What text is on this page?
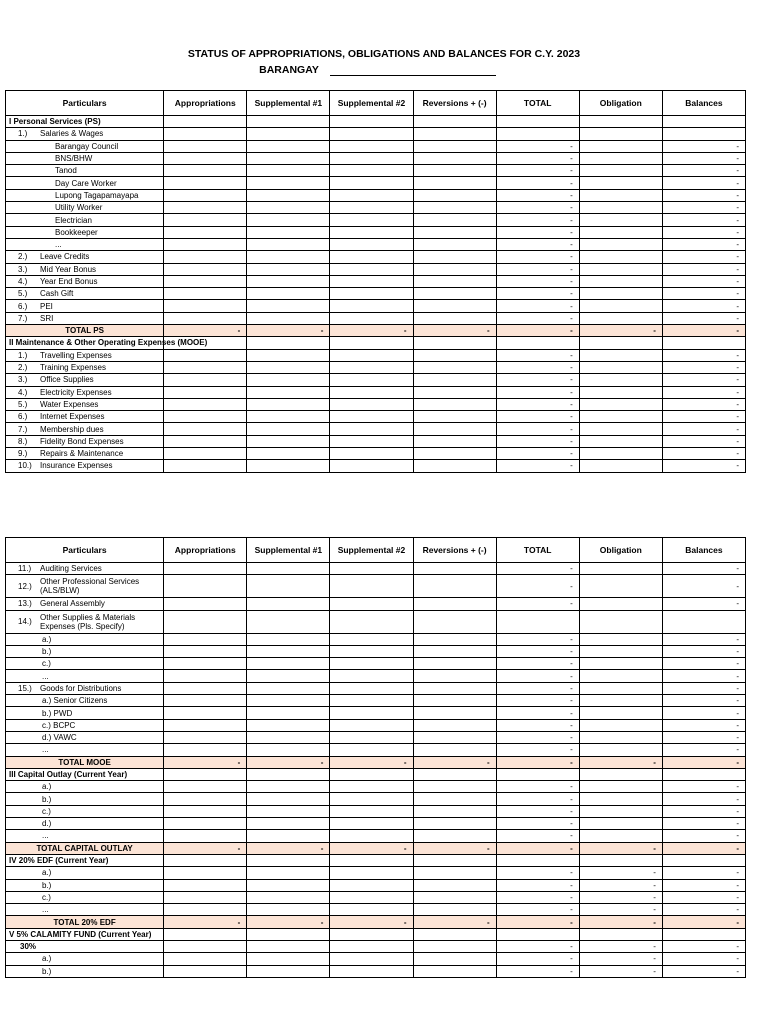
STATUS OF APPROPRIATIONS, OBLIGATIONS AND BALANCES FOR C.Y. 2023
BARANGAY
Particulars	Appropriations	Supplemental #1	Supplemental #2	Reversions + (-)	TOTAL	Obligation	Balances
I Personal Services (PS)							
1.) Salaries & Wages							
Barangay Council					-		-
BNS/BHW					-		-
Tanod					-		-
Day Care Worker					-		-
Lupong Tagapamayapa					-		-
Utility Worker					-		-
Electrician					-		-
Bookkeeper					-		-
...					-		-
2.) Leave Credits					-		-
3.) Mid Year Bonus					-		-
4.) Year End Bonus					-		-
5.) Cash Gift					-		-
6.) PEI					-		-
7.) SRI					-		-
TOTAL PS	-	-	-	-	-	-	-
II Maintenance & Other Operating Expenses (MOOE)							
1.) Travelling Expenses					-		-
2.) Training Expenses					-		-
3.) Office Supplies					-		-
4.) Electricity Expenses					-		-
5.) Water Expenses					-		-
6.) Internet Expenses					-		-
7.) Membership dues					-		-
8.) Fidelity Bond Expenses					-		-
9.) Repairs & Maintenance					-		-
10.) Insurance Expenses					-		-
Particulars	Appropriations	Supplemental #1	Supplemental #2	Reversions + (-)	TOTAL	Obligation	Balances
11.) Auditing Services					-		-
12.) Other Professional Services (ALS/BLW)					-		-
13.) General Assembly					-		-
14.) Other Supplies & Materials Expenses (Pls. Specify)							
a.)					-		-
b.)					-		-
c.)					-		-
...					-		-
15.) Goods for Distributions					-		-
a.) Senior Citizens					-		-
b.) PWD					-		-
c.) BCPC					-		-
d.) VAWC					-		-
...					-		-
TOTAL MOOE	-	-	-	-	-	-	-
III Capital Outlay (Current Year)							
a.)					-		-
b.)					-		-
c.)					-		-
d.)					-		-
...					-		-
TOTAL CAPITAL OUTLAY	-	-	-	-	-	-	-
IV 20% EDF (Current Year)							
a.)					-	-	-
b.)					-	-	-
c.)					-	-	-
...					-	-	-
TOTAL 20% EDF	-	-	-	-	-	-	-
V 5% CALAMITY FUND (Current Year)							
30%					-	-	-
a.)					-	-	-
b.)					-	-	-
